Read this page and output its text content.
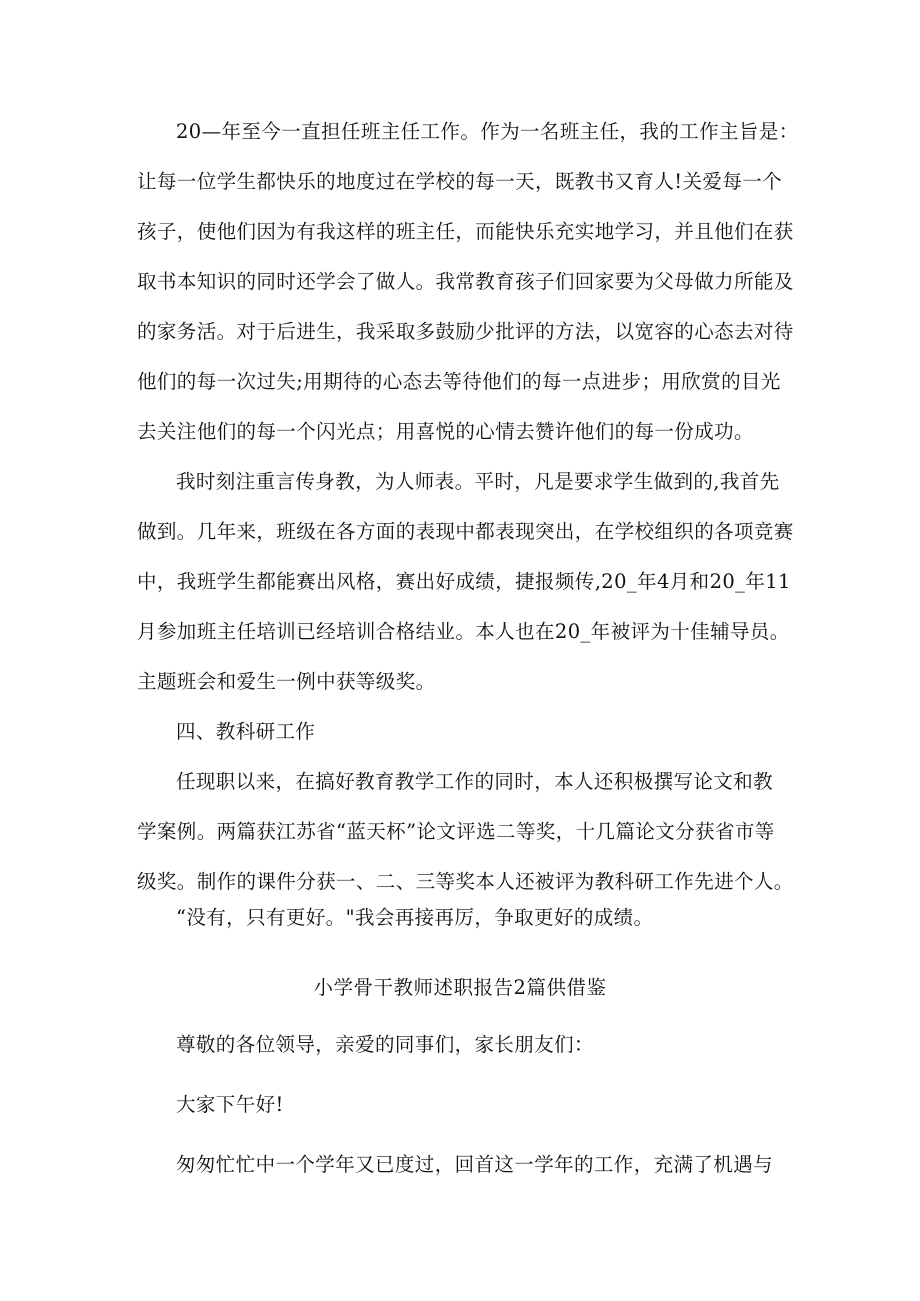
20—年至今一直担任班主任工作。作为一名班主任，我的工作主旨是：
让每一位学生都快乐的地度过在学校的每一天，既教书又育人!关爱每一个
孩子，使他们因为有我这样的班主任，而能快乐充实地学习，并且他们在获
取书本知识的同时还学会了做人。我常教育孩子们回家要为父母做力所能及
的家务活。对于后进生，我采取多鼓励少批评的方法，以宽容的心态去对待
他们的每一次过失;用期待的心态去等待他们的每一点进步；用欣赏的目光
去关注他们的每一个闪光点；用喜悦的心情去赞许他们的每一份成功。
我时刻注重言传身教，为人师表。平时，凡是要求学生做到的,我首先
做到。几年来，班级在各方面的表现中都表现突出，在学校组织的各项竞赛
中，我班学生都能赛出风格，赛出好成绩，捷报频传,20_年4月和20_年11
月参加班主任培训已经培训合格结业。本人也在20_年被评为十佳辅导员。
主题班会和爱生一例中获等级奖。
四、教科研工作
任现职以来，在搞好教育教学工作的同时，本人还积极撰写论文和教
学案例。两篇获江苏省“蓝天杯”论文评选二等奖，十几篇论文分获省市等
级奖。制作的课件分获一、二、三等奖本人还被评为教科研工作先进个人。
“没有，只有更好。"我会再接再厉，争取更好的成绩。
小学骨干教师述职报告2篇供借鉴
尊敬的各位领导，亲爱的同事们，家长朋友们：
大家下午好!
匆匆忙忙中一个学年又已度过，回首这一学年的工作，充满了机遇与
